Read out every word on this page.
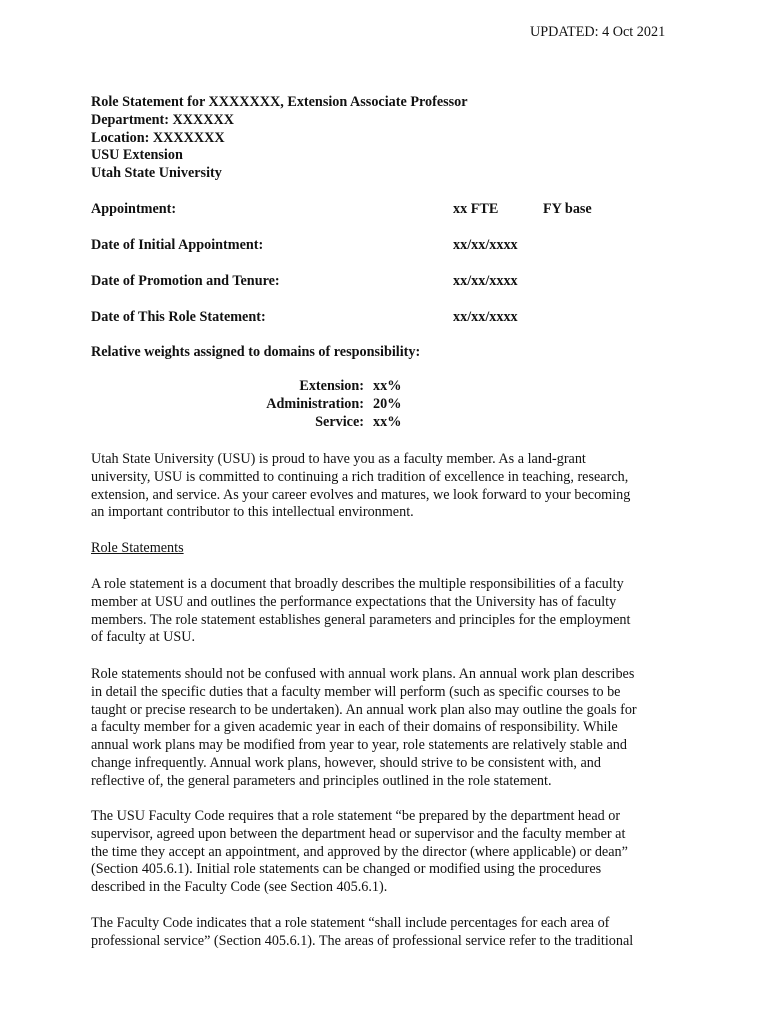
UPDATED: 4 Oct 2021
Role Statement for XXXXXXX, Extension Associate Professor
Department: XXXXXX
Location: XXXXXXX
USU Extension
Utah State University
Appointment:	xx FTE	FY base
Date of Initial Appointment:	xx/xx/xxxx
Date of Promotion and Tenure:	xx/xx/xxxx
Date of This Role Statement:	xx/xx/xxxx
Relative weights assigned to domains of responsibility:
Extension: xx%
Administration: 20%
Service: xx%

Utah State University (USU) is proud to have you as a faculty member. As a land-grant
university, USU is committed to continuing a rich tradition of excellence in teaching, research,
extension, and service. As your career evolves and matures, we look forward to your becoming
an important contributor to this intellectual environment.

Role Statements

A role statement is a document that broadly describes the multiple responsibilities of a faculty
member at USU and outlines the performance expectations that the University has of faculty
members. The role statement establishes general parameters and principles for the employment
of faculty at USU.

Role statements should not be confused with annual work plans. An annual work plan describes
in detail the specific duties that a faculty member will perform (such as specific courses to be
taught or precise research to be undertaken). An annual work plan also may outline the goals for
a faculty member for a given academic year in each of their domains of responsibility. While
annual work plans may be modified from year to year, role statements are relatively stable and
change infrequently. Annual work plans, however, should strive to be consistent with, and
reflective of, the general parameters and principles outlined in the role statement.

The USU Faculty Code requires that a role statement “be prepared by the department head or
supervisor, agreed upon between the department head or supervisor and the faculty member at
the time they accept an appointment, and approved by the director (where applicable) or dean”
(Section 405.6.1). Initial role statements can be changed or modified using the procedures
described in the Faculty Code (see Section 405.6.1).

The Faculty Code indicates that a role statement “shall include percentages for each area of
professional service” (Section 405.6.1). The areas of professional service refer to the traditional
